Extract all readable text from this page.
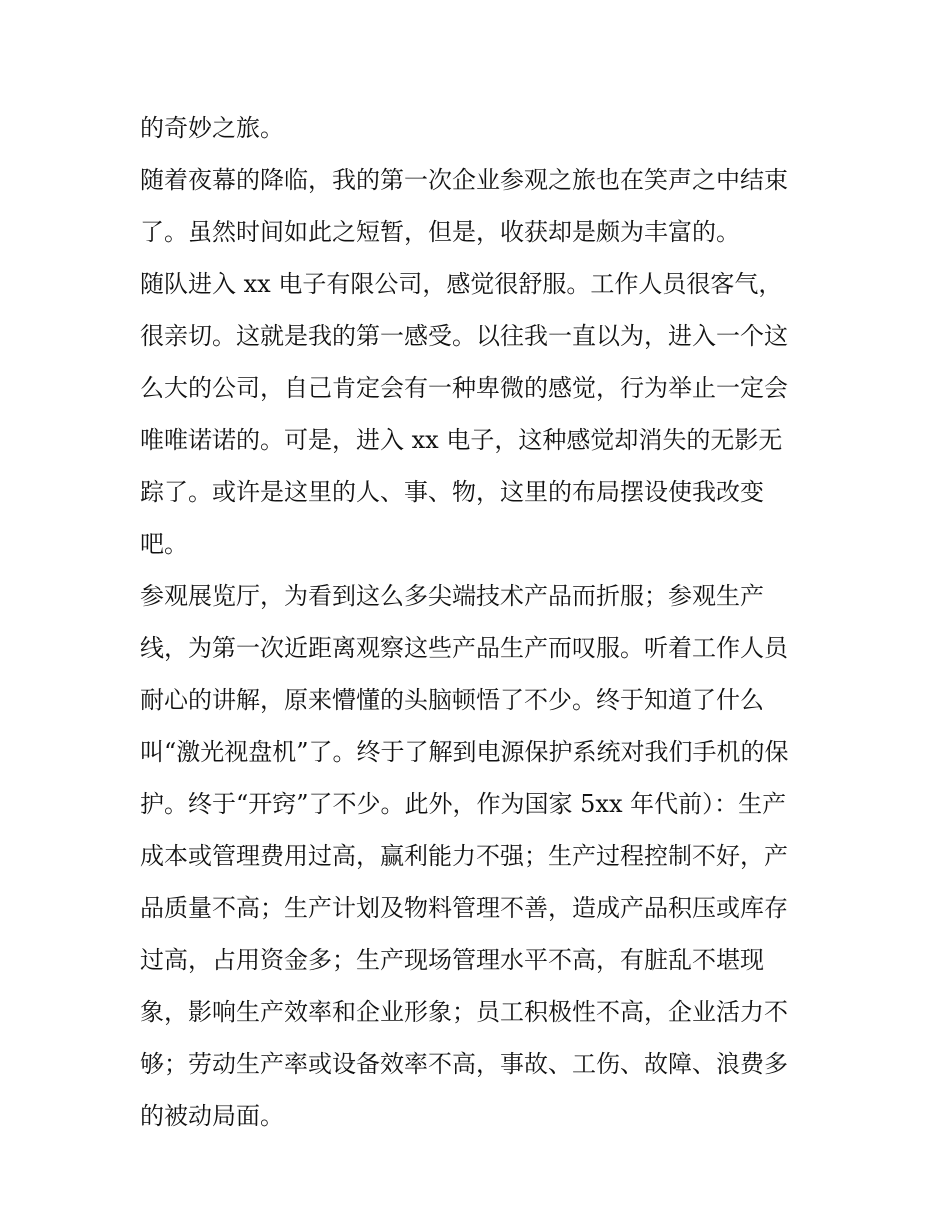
的奇妙之旅。
随着夜幕的降临，我的第一次企业参观之旅也在笑声之中结束
了。虽然时间如此之短暂，但是，收获却是颇为丰富的。
随队进入 xx 电子有限公司，感觉很舒服。工作人员很客气，
很亲切。这就是我的第一感受。以往我一直以为，进入一个这
么大的公司，自己肯定会有一种卑微的感觉，行为举止一定会
唯唯诺诺的。可是，进入 xx 电子，这种感觉却消失的无影无
踪了。或许是这里的人、事、物，这里的布局摆设使我改变
吧。
参观展览厅，为看到这么多尖端技术产品而折服；参观生产
线，为第一次近距离观察这些产品生产而叹服。听着工作人员
耐心的讲解，原来懵懂的头脑顿悟了不少。终于知道了什么
叫“激光视盘机”了。终于了解到电源保护系统对我们手机的保
护。终于“开窍”了不少。此外，作为国家 5xx 年代前）：生产
成本或管理费用过高，赢利能力不强；生产过程控制不好，产
品质量不高；生产计划及物料管理不善，造成产品积压或库存
过高，占用资金多；生产现场管理水平不高，有脏乱不堪现
象，影响生产效率和企业形象；员工积极性不高，企业活力不
够；劳动生产率或设备效率不高，事故、工伤、故障、浪费多
的被动局面。
